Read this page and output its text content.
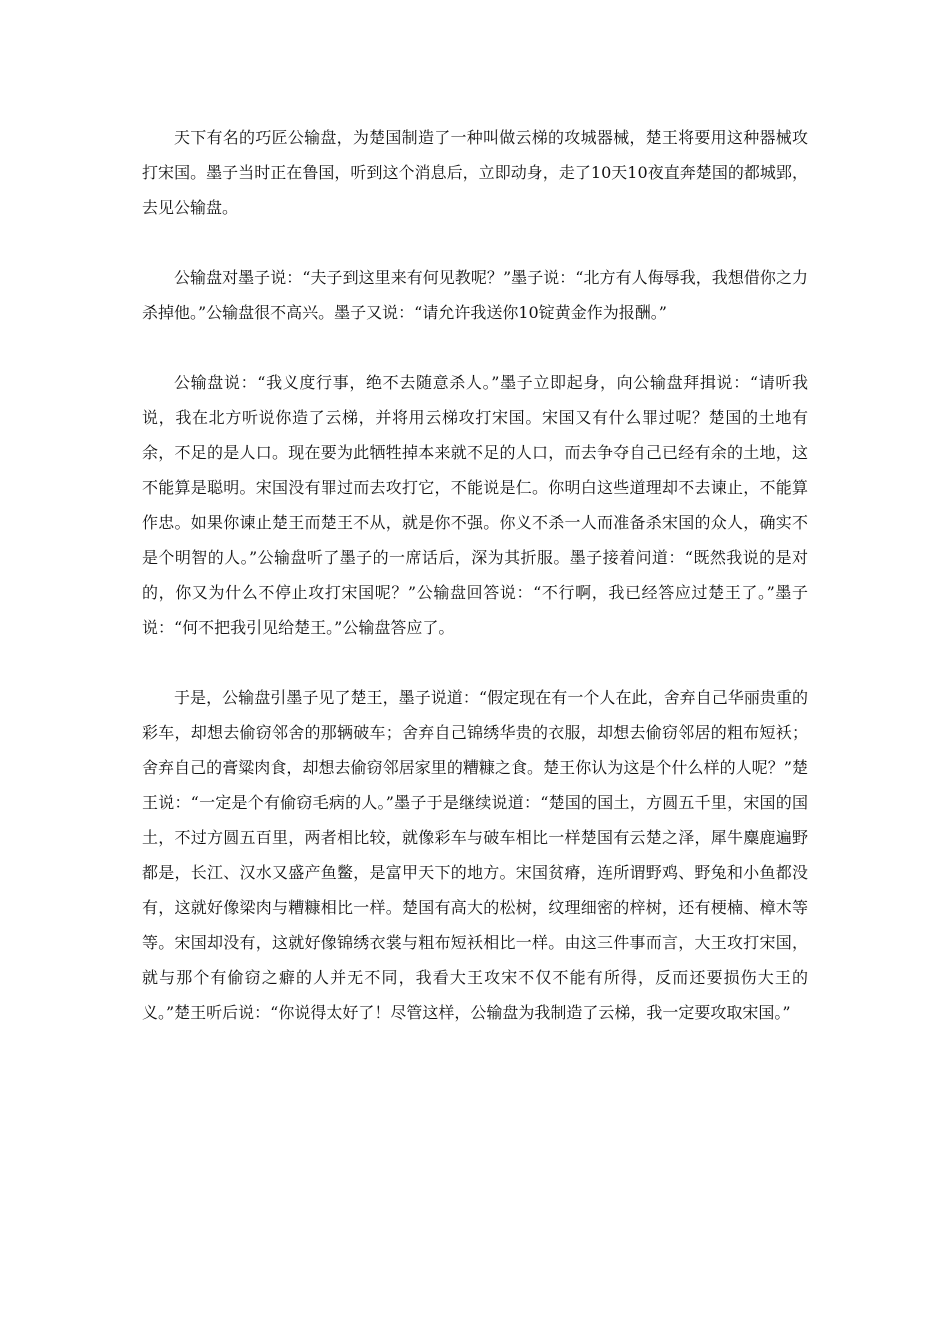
天下有名的巧匠公输盘，为楚国制造了一种叫做云梯的攻城器械，楚王将要用这种器械攻打宋国。墨子当时正在鲁国，听到这个消息后，立即动身，走了10天10夜直奔楚国的都城郢，去见公输盘。

公输盘对墨子说：“夫子到这里来有何见教呢？”墨子说：“北方有人侮辱我，我想借你之力杀掉他。”公输盘很不高兴。墨子又说：“请允许我送你10锭黄金作为报酬。”

公输盘说：“我义度行事，绝不去随意杀人。”墨子立即起身，向公输盘拜揖说：“请听我说，我在北方听说你造了云梯，并将用云梯攻打宋国。宋国又有什么罪过呢？楚国的土地有余，不足的是人口。现在要为此牺牲掉本来就不足的人口，而去争夺自己已经有余的土地，这不能算是聪明。宋国没有罪过而去攻打它，不能说是仁。你明白这些道理却不去谏止，不能算作忠。如果你谏止楚王而楚王不从，就是你不强。你义不杀一人而准备杀宋国的众人，确实不是个明智的人。”公输盘听了墨子的一席话后，深为其折服。墨子接着问道：“既然我说的是对的，你又为什么不停止攻打宋国呢？”公输盘回答说：“不行啊，我已经答应过楚王了。”墨子说：“何不把我引见给楚王。”公输盘答应了。

于是，公输盘引墨子见了楚王，墨子说道：“假定现在有一个人在此，舍弃自己华丽贵重的彩车，却想去偷窃邻舍的那辆破车；舍弃自己锦绣华贵的衣服，却想去偷窃邻居的粗布短袄；舍弃自己的膏粱肉食，却想去偷窃邻居家里的糟糠之食。楚王你认为这是个什么样的人呢？”楚王说：“一定是个有偷窃毛病的人。”墨子于是继续说道：“楚国的国土，方圆五千里，宋国的国土，不过方圆五百里，两者相比较，就像彩车与破车相比一样楚国有云楚之泽，犀牛麋鹿遍野都是，长江、汉水又盛产鱼鳖，是富甲天下的地方。宋国贫瘠，连所谓野鸡、野兔和小鱼都没有，这就好像梁肉与糟糠相比一样。楚国有高大的松树，纹理细密的梓树，还有梗楠、樟木等等。宋国却没有，这就好像锦绣衣裳与粗布短袄相比一样。由这三件事而言，大王攻打宋国，就与那个有偷窃之癖的人并无不同，我看大王攻宋不仅不能有所得，反而还要损伤大王的义。”楚王听后说：“你说得太好了！尽管这样，公输盘为我制造了云梯，我一定要攻取宋国。”
